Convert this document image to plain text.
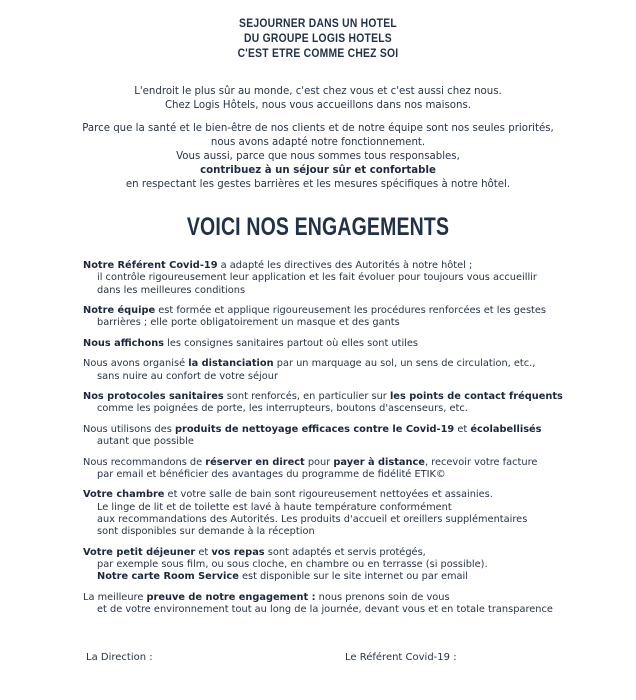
SEJOURNER DANS UN HOTEL
DU GROUPE LOGIS HOTELS
C'EST ETRE COMME CHEZ SOI
L'endroit le plus sûr au monde, c'est chez vous et c'est aussi chez nous.
Chez Logis Hôtels, nous vous accueillons dans nos maisons.
Parce que la santé et le bien-être de nos clients et de notre équipe sont nos seules priorités,
nous avons adapté notre fonctionnement.
Vous aussi, parce que nous sommes tous responsables,
contribuez à un séjour sûr et confortable
en respectant les gestes barrières et les mesures spécifiques à notre hôtel.
VOICI NOS ENGAGEMENTS
Notre Référent Covid-19 a adapté les directives des Autorités à notre hôtel ;
il contrôle rigoureusement leur application et les fait évoluer pour toujours vous accueillir
dans les meilleures conditions
Notre équipe est formée et applique rigoureusement les procédures renforcées et les gestes
barrières ; elle porte obligatoirement un masque et des gants
Nous affichons les consignes sanitaires partout où elles sont utiles
Nous avons organisé la distanciation par un marquage au sol, un sens de circulation, etc.,
sans nuire au confort de votre séjour
Nos protocoles sanitaires sont renforcés, en particulier sur les points de contact fréquents
comme les poignées de porte, les interrupteurs, boutons d'ascenseurs, etc.
Nous utilisons des produits de nettoyage efficaces contre le Covid-19 et écolabellisés
autant que possible
Nous recommandons de réserver en direct pour payer à distance, recevoir votre facture
par email et bénéficier des avantages du programme de fidélité ETIK©
Votre chambre et votre salle de bain sont rigoureusement nettoyées et assainies.
Le linge de lit et de toilette est lavé à haute température conformément
aux recommandations des Autorités. Les produits d'accueil et oreillers supplémentaires
sont disponibles sur demande à la réception
Votre petit déjeuner et vos repas sont adaptés et servis protégés,
par exemple sous film, ou sous cloche, en chambre ou en terrasse (si possible).
Notre carte Room Service est disponible sur le site internet ou par email
La meilleure preuve de notre engagement : nous prenons soin de vous
et de votre environnement tout au long de la journée, devant vous et en totale transparence
La Direction :	Le Référent Covid-19 :
